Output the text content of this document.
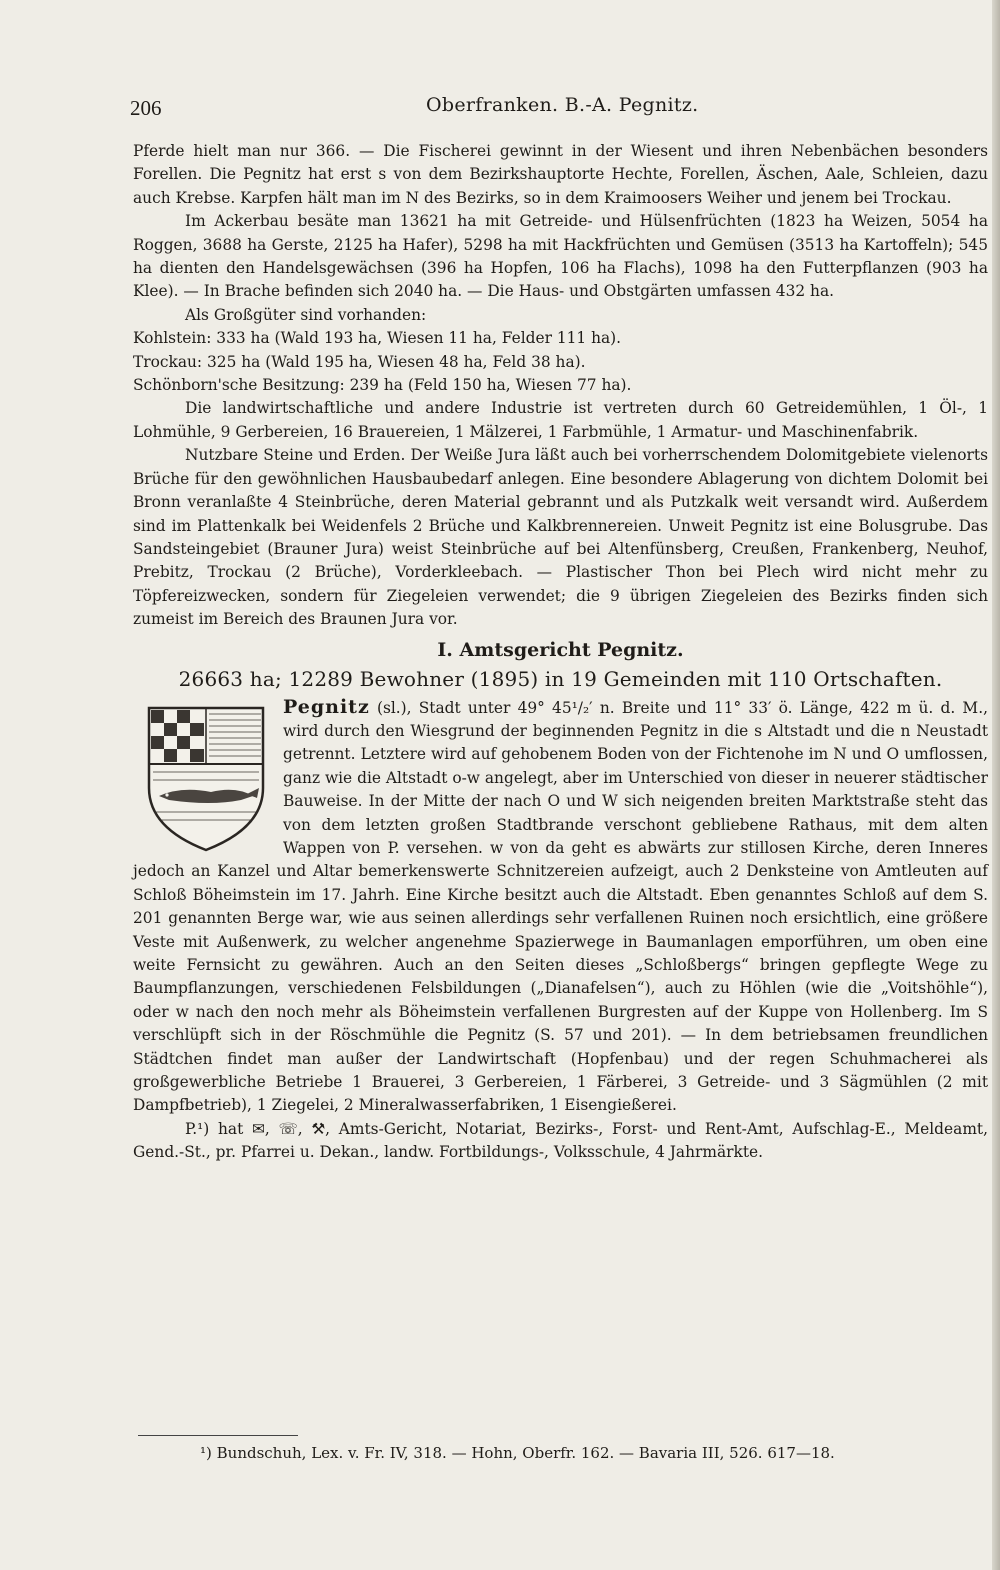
206	Oberfranken. B.-A. Pegnitz.

Pferde hielt man nur 366. — Die Fischerei gewinnt in der Wiesent und ihren Nebenbächen besonders Forellen. Die Pegnitz hat erst s von dem Bezirkshauptorte Hechte, Forellen, Äschen, Aale, Schleien, dazu auch Krebse. Karpfen hält man im N des Bezirks, so in dem Kraimoosers Weiher und jenem bei Trockau.

Im Ackerbau besäte man 13621 ha mit Getreide- und Hülsenfrüchten (1823 ha Weizen, 5054 ha Roggen, 3688 ha Gerste, 2125 ha Hafer), 5298 ha mit Hackfrüchten und Gemüsen (3513 ha Kartoffeln); 545 ha dienten den Handelsgewächsen (396 ha Hopfen, 106 ha Flachs), 1098 ha den Futterpflanzen (903 ha Klee). — In Brache befinden sich 2040 ha. — Die Haus- und Obstgärten umfassen 432 ha.

Als Großgüter sind vorhanden:

Kohlstein: 333 ha (Wald 193 ha, Wiesen 11 ha, Felder 111 ha).

Trockau: 325 ha (Wald 195 ha, Wiesen 48 ha, Feld 38 ha).

Schönborn'sche Besitzung: 239 ha (Feld 150 ha, Wiesen 77 ha).

Die landwirtschaftliche und andere Industrie ist vertreten durch 60 Getreidemühlen, 1 Öl-, 1 Lohmühle, 9 Gerbereien, 16 Brauereien, 1 Mälzerei, 1 Farbmühle, 1 Armatur- und Maschinenfabrik.

Nutzbare Steine und Erden. Der Weiße Jura läßt auch bei vorherrschendem Dolomitgebiete vielenorts Brüche für den gewöhnlichen Hausbaubedarf anlegen. Eine besondere Ablagerung von dichtem Dolomit bei Bronn veranlaßte 4 Steinbrüche, deren Material gebrannt und als Putzkalk weit versandt wird. Außerdem sind im Plattenkalk bei Weidenfels 2 Brüche und Kalkbrennereien. Unweit Pegnitz ist eine Bolusgrube. Das Sandsteingebiet (Brauner Jura) weist Steinbrüche auf bei Altenfünsberg, Creußen, Frankenberg, Neuhof, Prebitz, Trockau (2 Brüche), Vorderkleebach. — Plastischer Thon bei Plech wird nicht mehr zu Töpfereizwecken, sondern für Ziegeleien verwendet; die 9 übrigen Ziegeleien des Bezirks finden sich zumeist im Bereich des Braunen Jura vor.

I. Amtsgericht Pegnitz.
26663 ha; 12289 Bewohner (1895) in 19 Gemeinden mit 110 Ortschaften.

Pegnitz (sl.), Stadt unter 49° 45¹/₂′ n. Breite und 11° 33′ ö. Länge, 422 m ü. d. M., wird durch den Wiesgrund der beginnenden Pegnitz in die s Altstadt und die n Neustadt getrennt. Letztere wird auf gehobenem Boden von der Fichtenohe im N und O umflossen, ganz wie die Altstadt o-w angelegt, aber im Unterschied von dieser in neuerer städtischer Bauweise. In der Mitte der nach O und W sich neigenden breiten Marktstraße steht das von dem letzten großen Stadtbrande verschont gebliebene Rathaus, mit dem alten Wappen von P. versehen. w von da geht es abwärts zur stillosen Kirche, deren Inneres jedoch an Kanzel und Altar bemerkenswerte Schnitzereien aufzeigt, auch 2 Denksteine von Amtleuten auf Schloß Böheimstein im 17. Jahrh. Eine Kirche besitzt auch die Altstadt. Eben genanntes Schloß auf dem S. 201 genannten Berge war, wie aus seinen allerdings sehr verfallenen Ruinen noch ersichtlich, eine größere Veste mit Außenwerk, zu welcher angenehme Spazierwege in Baumanlagen emporführen, um oben eine weite Fernsicht zu gewähren. Auch an den Seiten dieses „Schloßbergs“ bringen gepflegte Wege zu Baumpflanzungen, verschiedenen Felsbildungen („Dianafelsen“), auch zu Höhlen (wie die „Voitshöhle“), oder w nach den noch mehr als Böheimstein verfallenen Burgresten auf der Kuppe von Hollenberg. Im S verschlüpft sich in der Röschmühle die Pegnitz (S. 57 und 201). — In dem betriebsamen freundlichen Städtchen findet man außer der Landwirtschaft (Hopfenbau) und der regen Schuhmacherei als großgewerbliche Betriebe 1 Brauerei, 3 Gerbereien, 1 Färberei, 3 Getreide- und 3 Sägmühlen (2 mit Dampfbetrieb), 1 Ziegelei, 2 Mineralwasserfabriken, 1 Eisengießerei.

P.¹) hat ✉, ☏, ⚒, Amts-Gericht, Notariat, Bezirks-, Forst- und Rent-Amt, Aufschlag-E., Meldeamt, Gend.-St., pr. Pfarrei u. Dekan., landw. Fortbildungs-, Volksschule, 4 Jahrmärkte.

¹) Bundschuh, Lex. v. Fr. IV, 318. — Hohn, Oberfr. 162. — Bavaria III, 526. 617—18.
